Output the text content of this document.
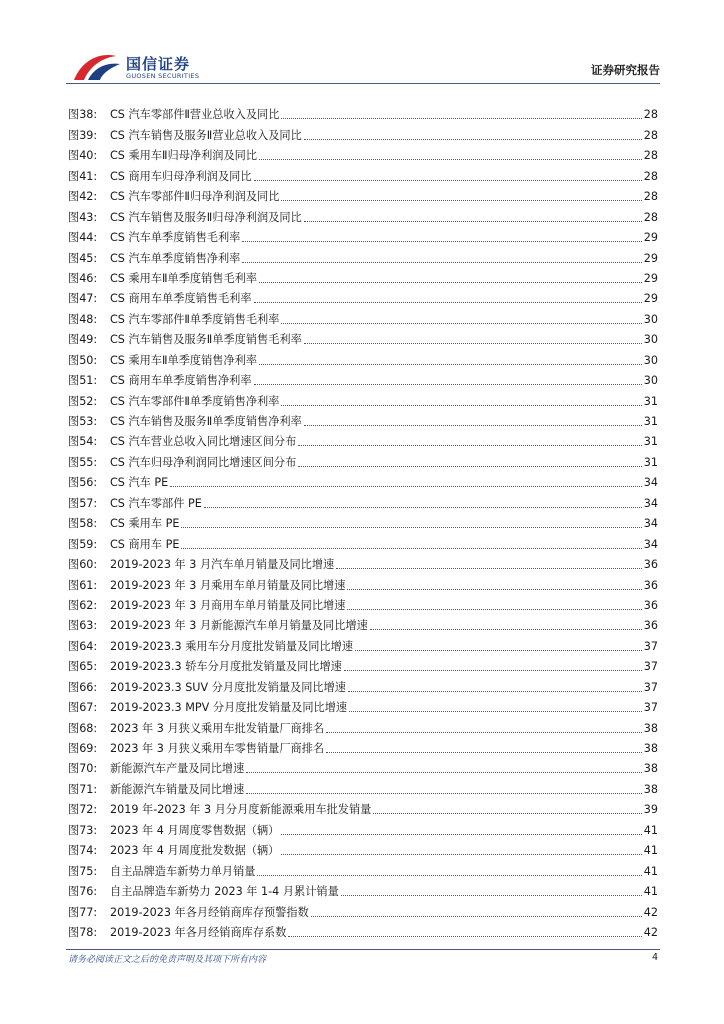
国信证券
GUOSEN SECURITIES	证券研究报告
图38:	CS 汽车零部件Ⅱ营业总收入及同比	28
图39:	CS 汽车销售及服务Ⅱ营业总收入及同比	28
图40:	CS 乘用车Ⅱ归母净利润及同比	28
图41:	CS 商用车归母净利润及同比	28
图42:	CS 汽车零部件Ⅱ归母净利润及同比	28
图43:	CS 汽车销售及服务Ⅱ归母净利润及同比	28
图44:	CS 汽车单季度销售毛利率	29
图45:	CS 汽车单季度销售净利率	29
图46:	CS 乘用车Ⅱ单季度销售毛利率	29
图47:	CS 商用车单季度销售毛利率	29
图48:	CS 汽车零部件Ⅱ单季度销售毛利率	30
图49:	CS 汽车销售及服务Ⅱ单季度销售毛利率	30
图50:	CS 乘用车Ⅱ单季度销售净利率	30
图51:	CS 商用车单季度销售净利率	30
图52:	CS 汽车零部件Ⅱ单季度销售净利率	31
图53:	CS 汽车销售及服务Ⅱ单季度销售净利率	31
图54:	CS 汽车营业总收入同比增速区间分布	31
图55:	CS 汽车归母净利润同比增速区间分布	31
图56:	CS 汽车 PE	34
图57:	CS 汽车零部件 PE	34
图58:	CS 乘用车 PE	34
图59:	CS 商用车 PE	34
图60:	2019-2023 年 3 月汽车单月销量及同比增速	36
图61:	2019-2023 年 3 月乘用车单月销量及同比增速	36
图62:	2019-2023 年 3 月商用车单月销量及同比增速	36
图63:	2019-2023 年 3 月新能源汽车单月销量及同比增速	36
图64:	2019-2023.3 乘用车分月度批发销量及同比增速	37
图65:	2019-2023.3 轿车分月度批发销量及同比增速	37
图66:	2019-2023.3 SUV 分月度批发销量及同比增速	37
图67:	2019-2023.3 MPV 分月度批发销量及同比增速	37
图68:	2023 年 3 月狭义乘用车批发销量厂商排名	38
图69:	2023 年 3 月狭义乘用车零售销量厂商排名	38
图70:	新能源汽车产量及同比增速	38
图71:	新能源汽车销量及同比增速	38
图72:	2019 年-2023 年 3 月分月度新能源乘用车批发销量	39
图73:	2023 年 4 月周度零售数据（辆）	41
图74:	2023 年 4 月周度批发数据（辆）	41
图75:	自主品牌造车新势力单月销量	41
图76:	自主品牌造车新势力 2023 年 1-4 月累计销量	41
图77:	2019-2023 年各月经销商库存预警指数	42
图78:	2019-2023 年各月经销商库存系数	42
请务必阅读正文之后的免责声明及其项下所有内容	4
